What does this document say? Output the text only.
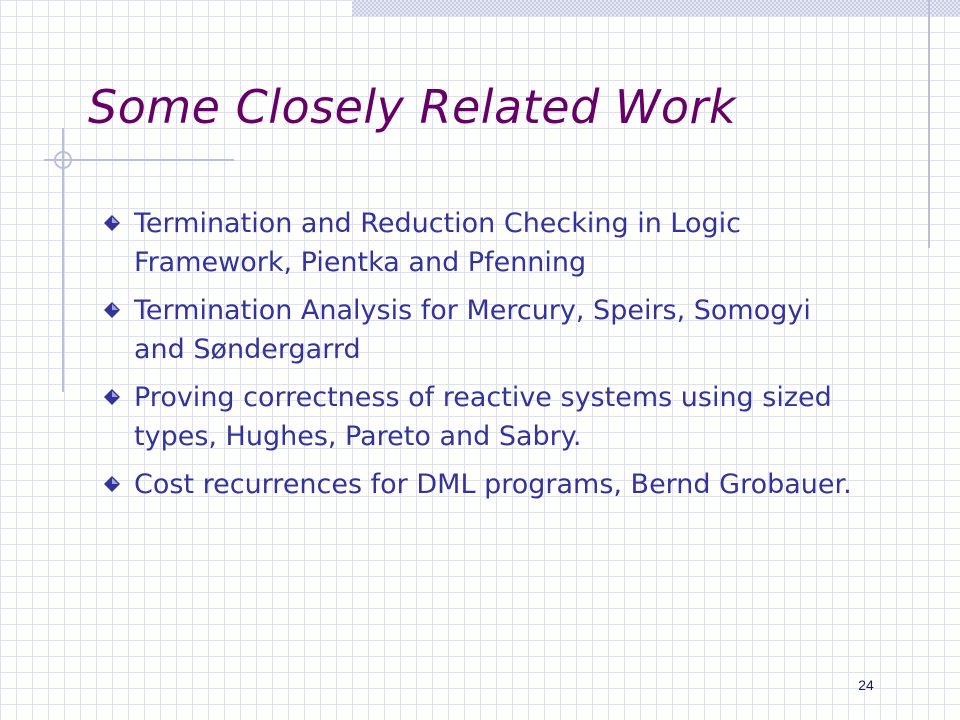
Some Closely Related Work
Termination and Reduction Checking in Logic Framework, Pientka and Pfenning
Termination Analysis for Mercury, Speirs, Somogyi and Søndergarrd
Proving correctness of reactive systems using sized types, Hughes, Pareto and Sabry.
Cost recurrences for DML programs, Bernd Grobauer.
24
